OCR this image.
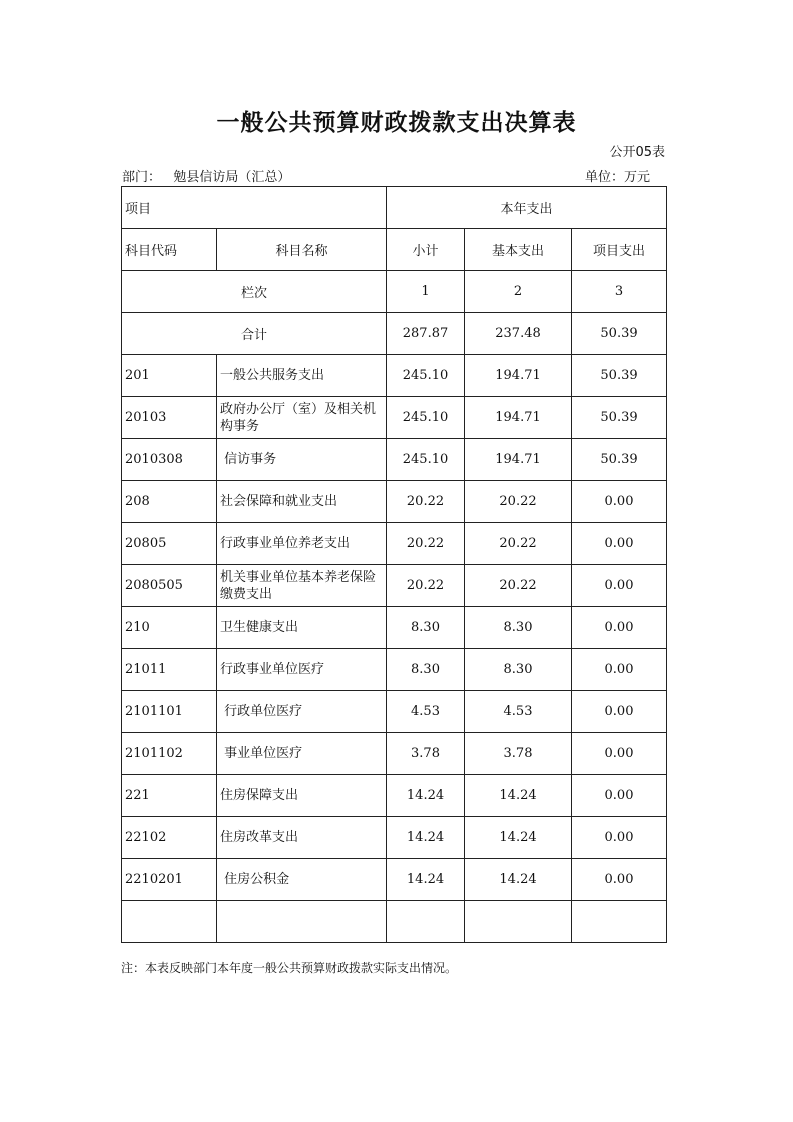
一般公共预算财政拨款支出决算表
公开05表
部门：   勉县信访局（汇总）	单位：万元
项目		本年支出		
科目代码	科目名称	小计	基本支出	项目支出
栏次		1	2	3
合计		287.87	237.48	50.39
201	一般公共服务支出	245.10	194.71	50.39
20103	政府办公厅（室）及相关机构事务	245.10	194.71	50.39
2010308	信访事务	245.10	194.71	50.39
208	社会保障和就业支出	20.22	20.22	0.00
20805	行政事业单位养老支出	20.22	20.22	0.00
2080505	机关事业单位基本养老保险缴费支出	20.22	20.22	0.00
210	卫生健康支出	8.30	8.30	0.00
21011	行政事业单位医疗	8.30	8.30	0.00
2101101	行政单位医疗	4.53	4.53	0.00
2101102	事业单位医疗	3.78	3.78	0.00
221	住房保障支出	14.24	14.24	0.00
22102	住房改革支出	14.24	14.24	0.00
2210201	住房公积金	14.24	14.24	0.00

注：本表反映部门本年度一般公共预算财政拨款实际支出情况。
